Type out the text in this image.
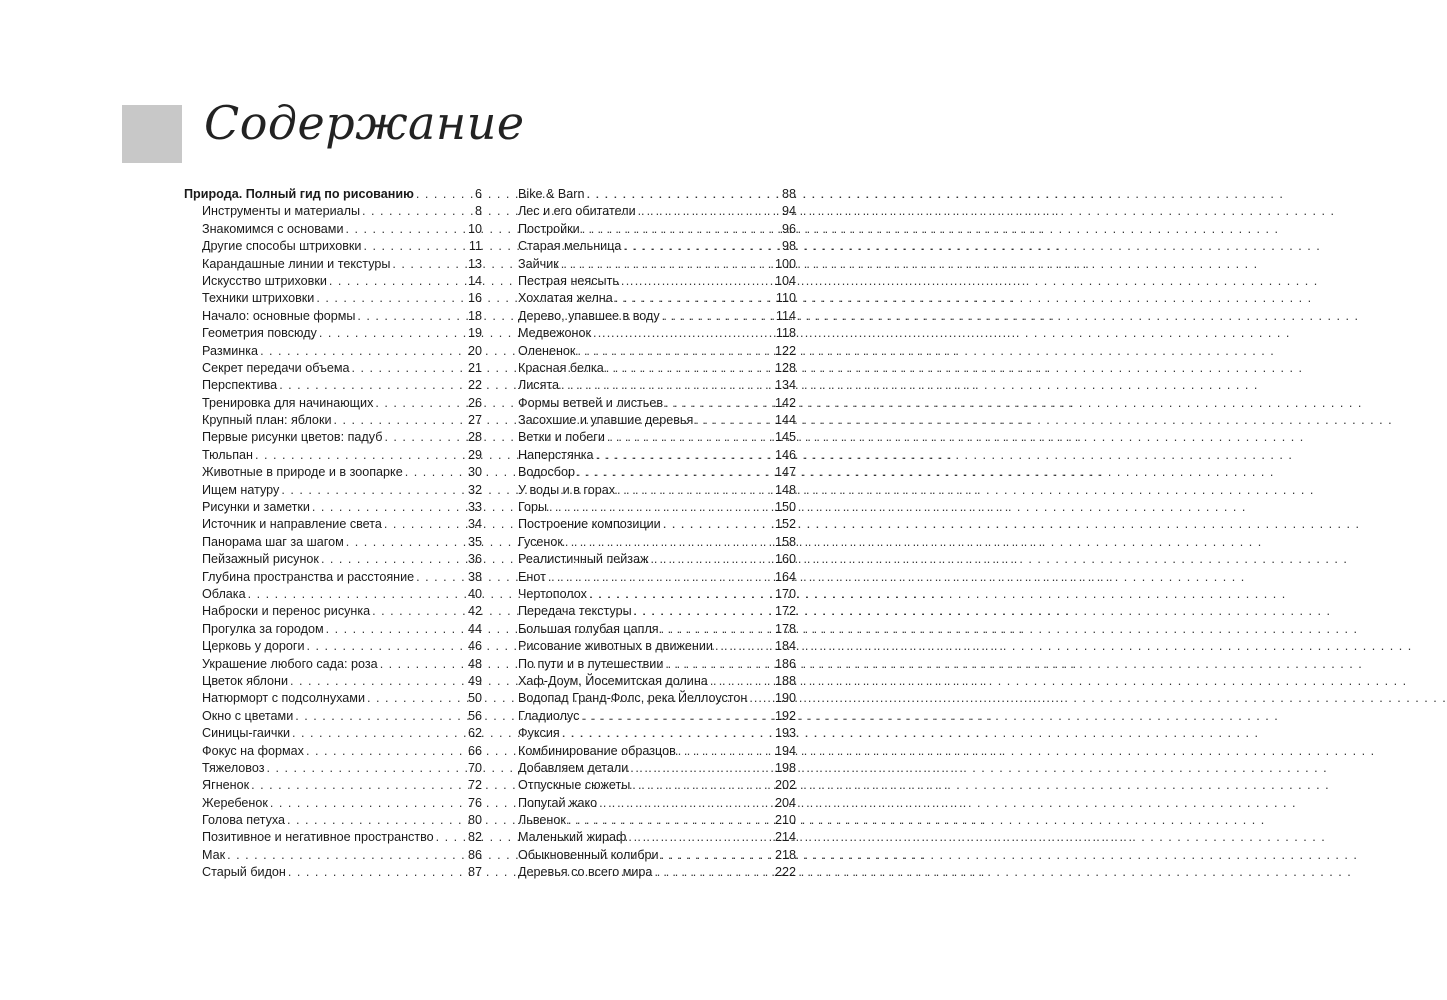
Содержание
Природа. Полный гид по рисованию . . .	6
Инструменты и материалы . . .	8
Знакомимся с основами . . .	10
Другие способы штриховки . . .	11
Карандашные линии и текстуры . . .	13
Искусство штриховки . . .	14
Техники штриховки . . .	16
Начало: основные формы . . .	18
Геометрия повсюду . . .	19
Разминка . . .	20
Секрет передачи объема . . .	21
Перспектива . . .	22
Тренировка для начинающих . . .	26
Крупный план: яблоки . . .	27
Первые рисунки цветов: падуб . . .	28
Тюльпан . . .	29
Животные в природе и в зоопарке . . .	30
Ищем натуру . . .	32
Рисунки и заметки . . .	33
Источник и направление света . . .	34
Панорама шаг за шагом . . .	35
Пейзажный рисунок . . .	36
Глубина пространства и расстояние . . .	38
Облака . . .	40
Наброски и перенос рисунка . . .	42
Прогулка за городом . . .	44
Церковь у дороги . . .	46
Украшение любого сада: роза . . .	48
Цветок яблони . . .	49
Натюрморт с подсолнухами . . .	50
Окно с цветами . . .	56
Синицы-гаички . . .	62
Фокус на формах . . .	66
Тяжеловоз . . .	70
Ягненок . . .	72
Жеребенок . . .	76
Голова петуха . . .	80
Позитивное и негативное пространство . . .	82
Мак . . .	86
Старый бидон . . .	87
Bike & Barn . . .	88
Лес и его обитатели . . .	94
Постройки . . .	96
Старая мельница . . .	98
Зайчик . . .	100
Пестрая неясыть . . .	104
Хохлатая желна . . .	110
Дерево, упавшее в воду . . .	114
Медвежонок . . .	118
Олененок . . .	122
Красная белка . . .	128
Лисята . . .	134
Формы ветвей и листьев . . .	142
Засохшие и упавшие деревья . . .	144
Ветки и побеги . . .	145
Наперстянка . . .	146
Водосбор . . .	147
У воды и в горах . . .	148
Горы . . .	150
Построение композиции . . .	152
Гусенок . . .	158
Реалистичный пейзаж . . .	160
Енот . . .	164
Чертополох . . .	170
Передача текстуры . . .	172
Большая голубая цапля . . .	178
Рисование животных в движении . . .	184
По пути и в путешествии . . .	186
Хаф-Доум, Йосемитская долина . . .	188
Водопад Гранд-Фолс, река Йеллоустон . . . 190
Гладиолус . . .	192
Фуксия . . .	193
Комбинирование образцов . . .	194
Добавляем детали . . .	198
Отпускные сюжеты . . .	202
Попугай жако . . .	204
Львенок . . .	210
Маленький жираф . . .	214
Обыкновенный колибри . . .	218
Деревья со всего мира . . .	222
